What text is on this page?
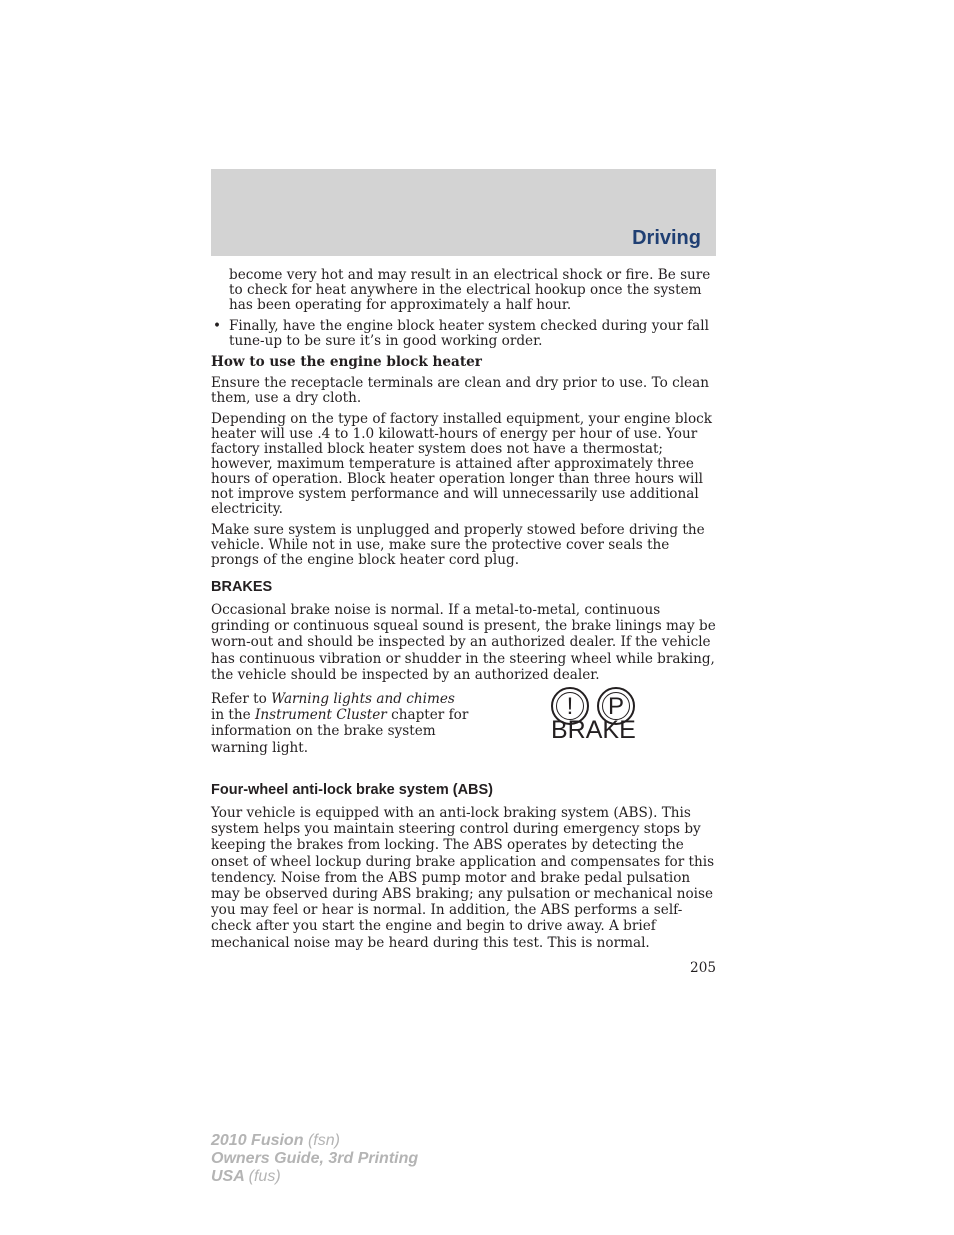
Driving

become very hot and may result in an electrical shock or fire. Be sure to check for heat anywhere in the electrical hookup once the system has been operating for approximately a half hour.

• Finally, have the engine block heater system checked during your fall tune-up to be sure it’s in good working order.

How to use the engine block heater

Ensure the receptacle terminals are clean and dry prior to use. To clean them, use a dry cloth.

Depending on the type of factory installed equipment, your engine block heater will use .4 to 1.0 kilowatt-hours of energy per hour of use. Your factory installed block heater system does not have a thermostat; however, maximum temperature is attained after approximately three hours of operation. Block heater operation longer than three hours will not improve system performance and will unnecessarily use additional electricity.

Make sure system is unplugged and properly stowed before driving the vehicle. While not in use, make sure the protective cover seals the prongs of the engine block heater cord plug.

BRAKES

Occasional brake noise is normal. If a metal-to-metal, continuous grinding or continuous squeal sound is present, the brake linings may be worn-out and should be inspected by an authorized dealer. If the vehicle has continuous vibration or shudder in the steering wheel while braking, the vehicle should be inspected by an authorized dealer.

Refer to Warning lights and chimes in the Instrument Cluster chapter for information on the brake system warning light.
!	P
BRAKE
Four-wheel anti-lock brake system (ABS)

Your vehicle is equipped with an anti-lock braking system (ABS). This system helps you maintain steering control during emergency stops by keeping the brakes from locking. The ABS operates by detecting the onset of wheel lockup during brake application and compensates for this tendency. Noise from the ABS pump motor and brake pedal pulsation may be observed during ABS braking; any pulsation or mechanical noise you may feel or hear is normal. In addition, the ABS performs a self-check after you start the engine and begin to drive away. A brief mechanical noise may be heard during this test. This is normal.

205
2010 Fusion (fsn)
Owners Guide, 3rd Printing
USA (fus)
